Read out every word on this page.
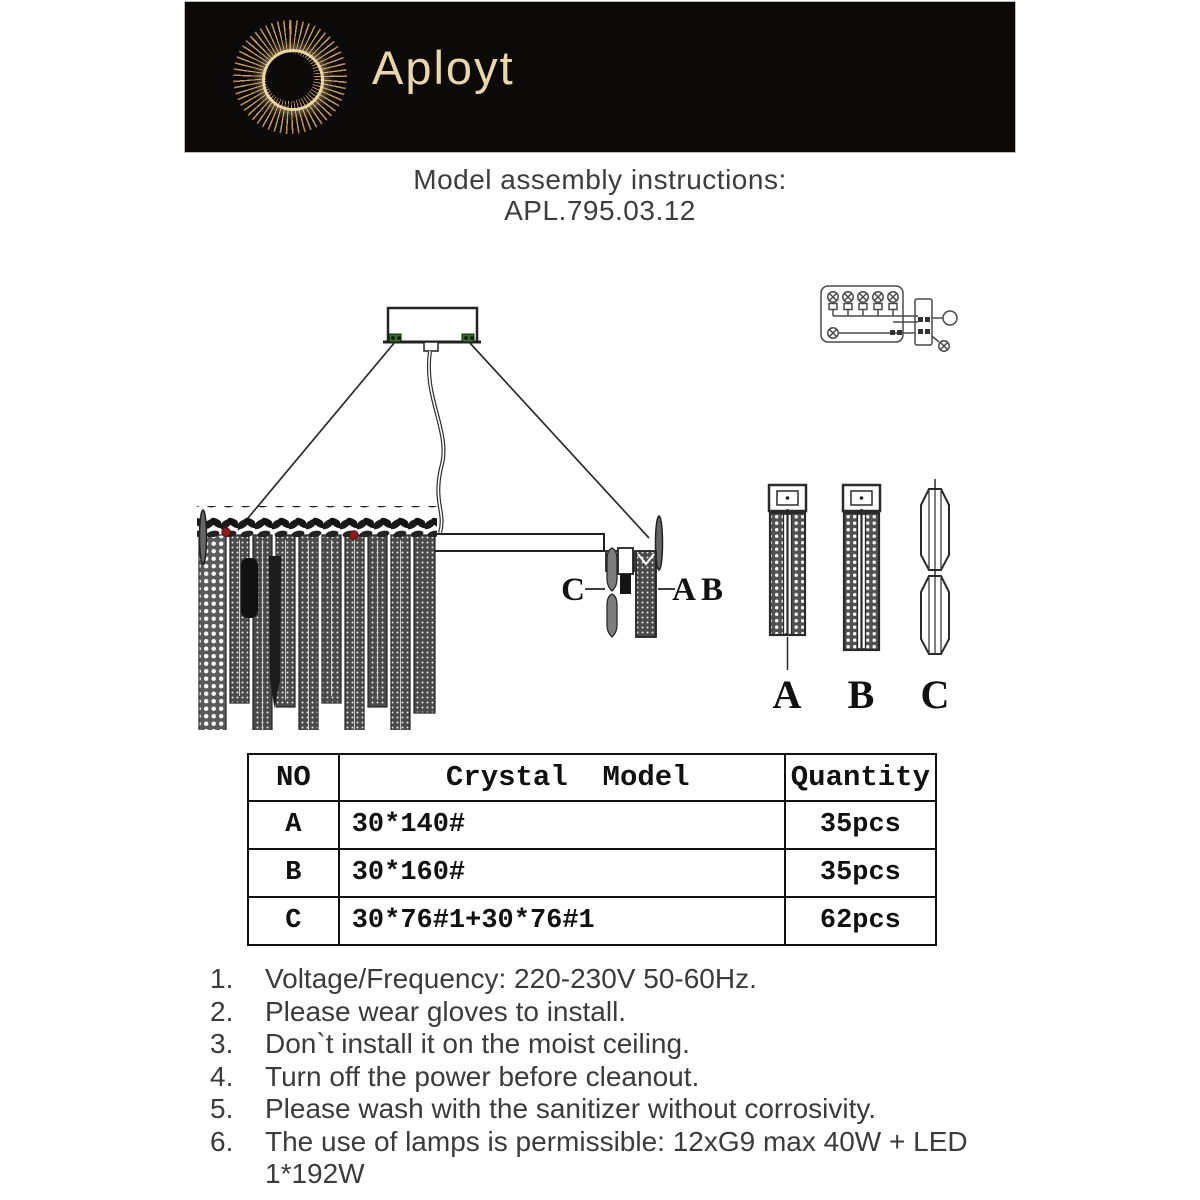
Aployt
Model assembly instructions:
APL.795.03.12
C	A B
A B C
NO	Crystal  Model	Quantity
A	30*140#	35pcs
B	30*160#	35pcs
C	30*76#1+30*76#1	62pcs
1.	Voltage/Frequency: 220-230V 50-60Hz.
2.	Please wear gloves to install.
3.	Don`t install it on the moist ceiling.
4.	Turn off the power before cleanout.
5.	Please wash with the sanitizer without corrosivity.
6.	The use of lamps is permissible: 12xG9 max 40W + LED 1*192W
